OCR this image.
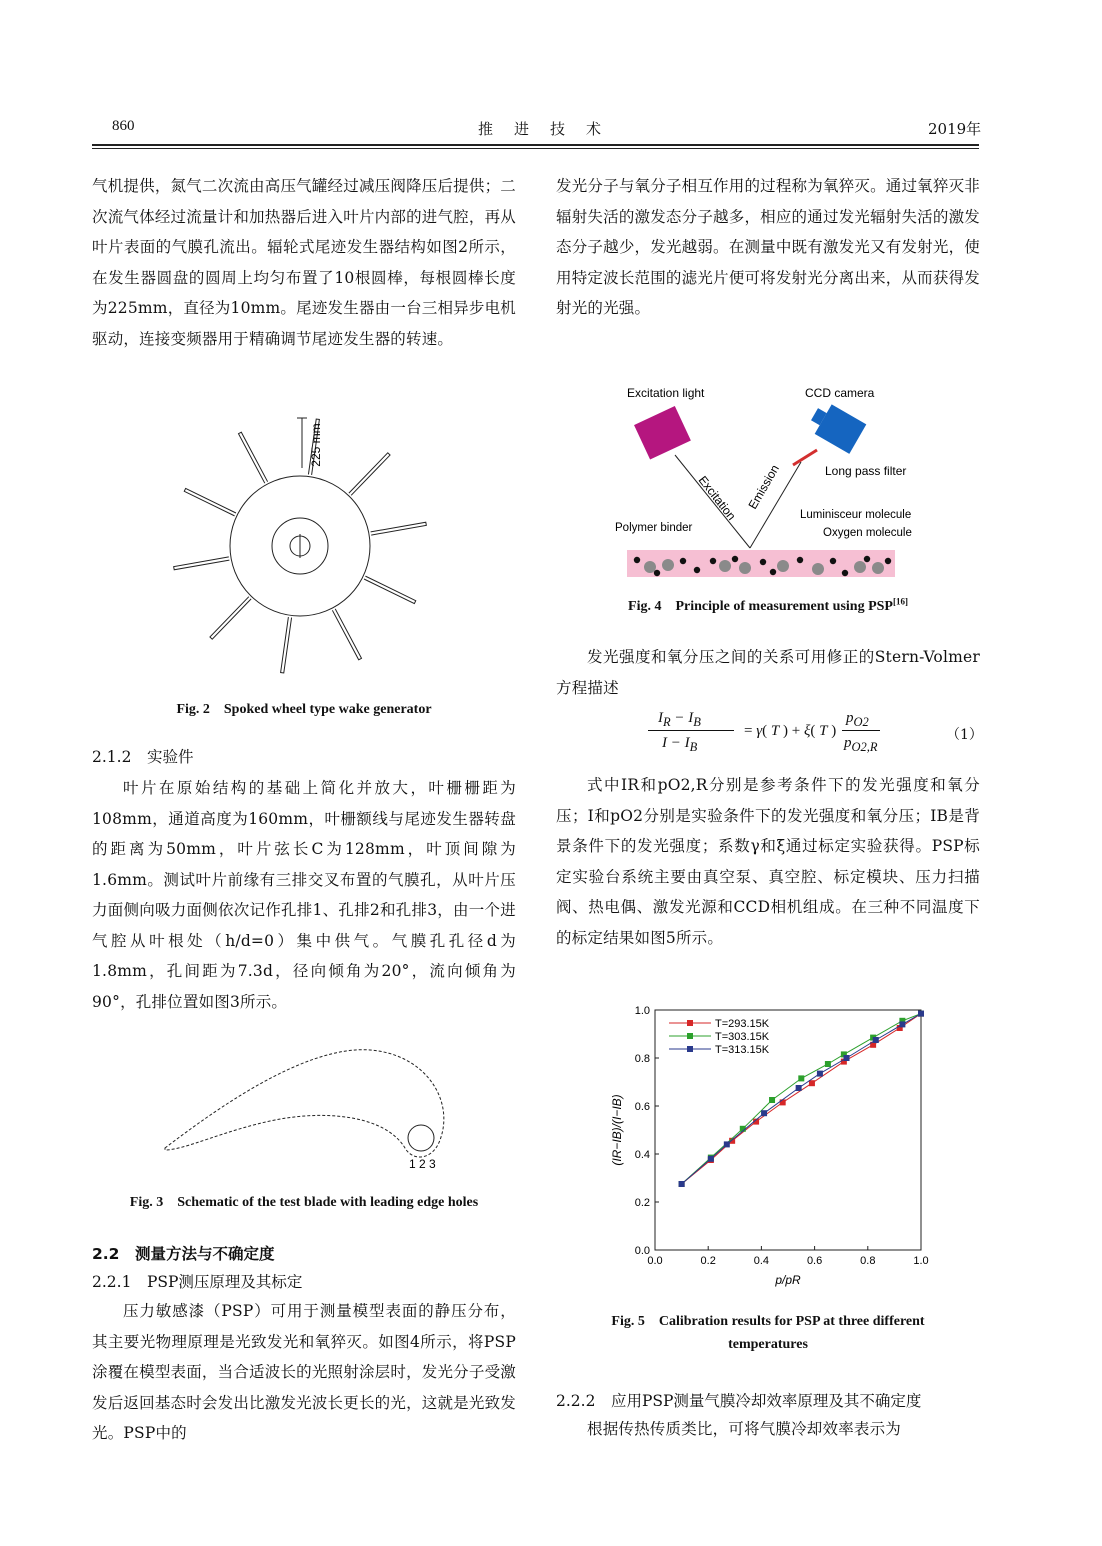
860	推　进　技　术	2019年

气机提供，氮气二次流由高压气罐经过减压阀降压后提供；二次流气体经过流量计和加热器后进入叶片内部的进气腔，再从叶片表面的气膜孔流出。辐轮式尾迹发生器结构如图2所示，在发生器圆盘的圆周上均匀布置了10根圆棒，每根圆棒长度为225mm，直径为10mm。尾迹发生器由一台三相异步电机驱动，连接变频器用于精确调节尾迹发生器的转速。

225 mm
Fig. 2　Spoked wheel type wake generator
2.1.2　实验件

叶片在原始结构的基础上简化并放大，叶栅栅距为108mm，通道高度为160mm，叶栅额线与尾迹发生器转盘的距离为50mm，叶片弦长C为128mm，叶顶间隙为1.6mm。测试叶片前缘有三排交叉布置的气膜孔，从叶片压力面侧向吸力面侧依次记作孔排1、孔排2和孔排3，由一个进气腔从叶根处（h/d=0）集中供气。气膜孔孔径d为1.8mm，孔间距为7.3d，径向倾角为20°，流向倾角为90°，孔排位置如图3所示。

1 2 3
Fig. 3　Schematic of the test blade with leading edge holes
2.2　测量方法与不确定度
2.2.1　PSP测压原理及其标定

压力敏感漆（PSP）可用于测量模型表面的静压分布，其主要光物理原理是光致发光和氧猝灭。如图4所示，将PSP涂覆在模型表面，当合适波长的光照射涂层时，发光分子受激发后返回基态时会发出比激发光波长更长的光，这就是光致发光。PSP中的

发光分子与氧分子相互作用的过程称为氧猝灭。通过氧猝灭非辐射失活的激发态分子越多，相应的通过发光辐射失活的激发态分子越少，发光越弱。在测量中既有激发光又有发射光，使用特定波长范围的滤光片便可将发射光分离出来，从而获得发射光的光强。

Excitation light	CCD camera
Long pass filter
Excitation Emission
Luminisceur molecule
Oxygen molecule
Polymer binder
Fig. 4　Principle of measurement using PSP[16]

发光强度和氧分压之间的关系可用修正的Stern-Volmer方程描述

$I_R - I_B$
$I - I_B$
= γ( T ) + ξ( T )
$p_{O2}$
$p_{O2,R}$
（1）

式中IR和pO2,R分别是参考条件下的发光强度和氧分压；I和pO2分别是实验条件下的发光强度和氧分压；IB是背景条件下的发光强度；系数γ和ξ通过标定实验获得。PSP标定实验台系统主要由真空泵、真空腔、标定模块、压力扫描阀、热电偶、激发光源和CCD相机组成。在三种不同温度下的标定结果如图5所示。

0.0	0.2	0.4	0.6	0.8	1.0
0.0
0.2
0.4
0.6
0.8
1.0
p/pR
(IR−IB)/(I−IB)
T=293.15K
T=303.15K
T=313.15K
Fig. 5　Calibration results for PSP at three different
temperatures
2.2.2　应用PSP测量气膜冷却效率原理及其不确定度

根据传热传质类比，可将气膜冷却效率表示为
